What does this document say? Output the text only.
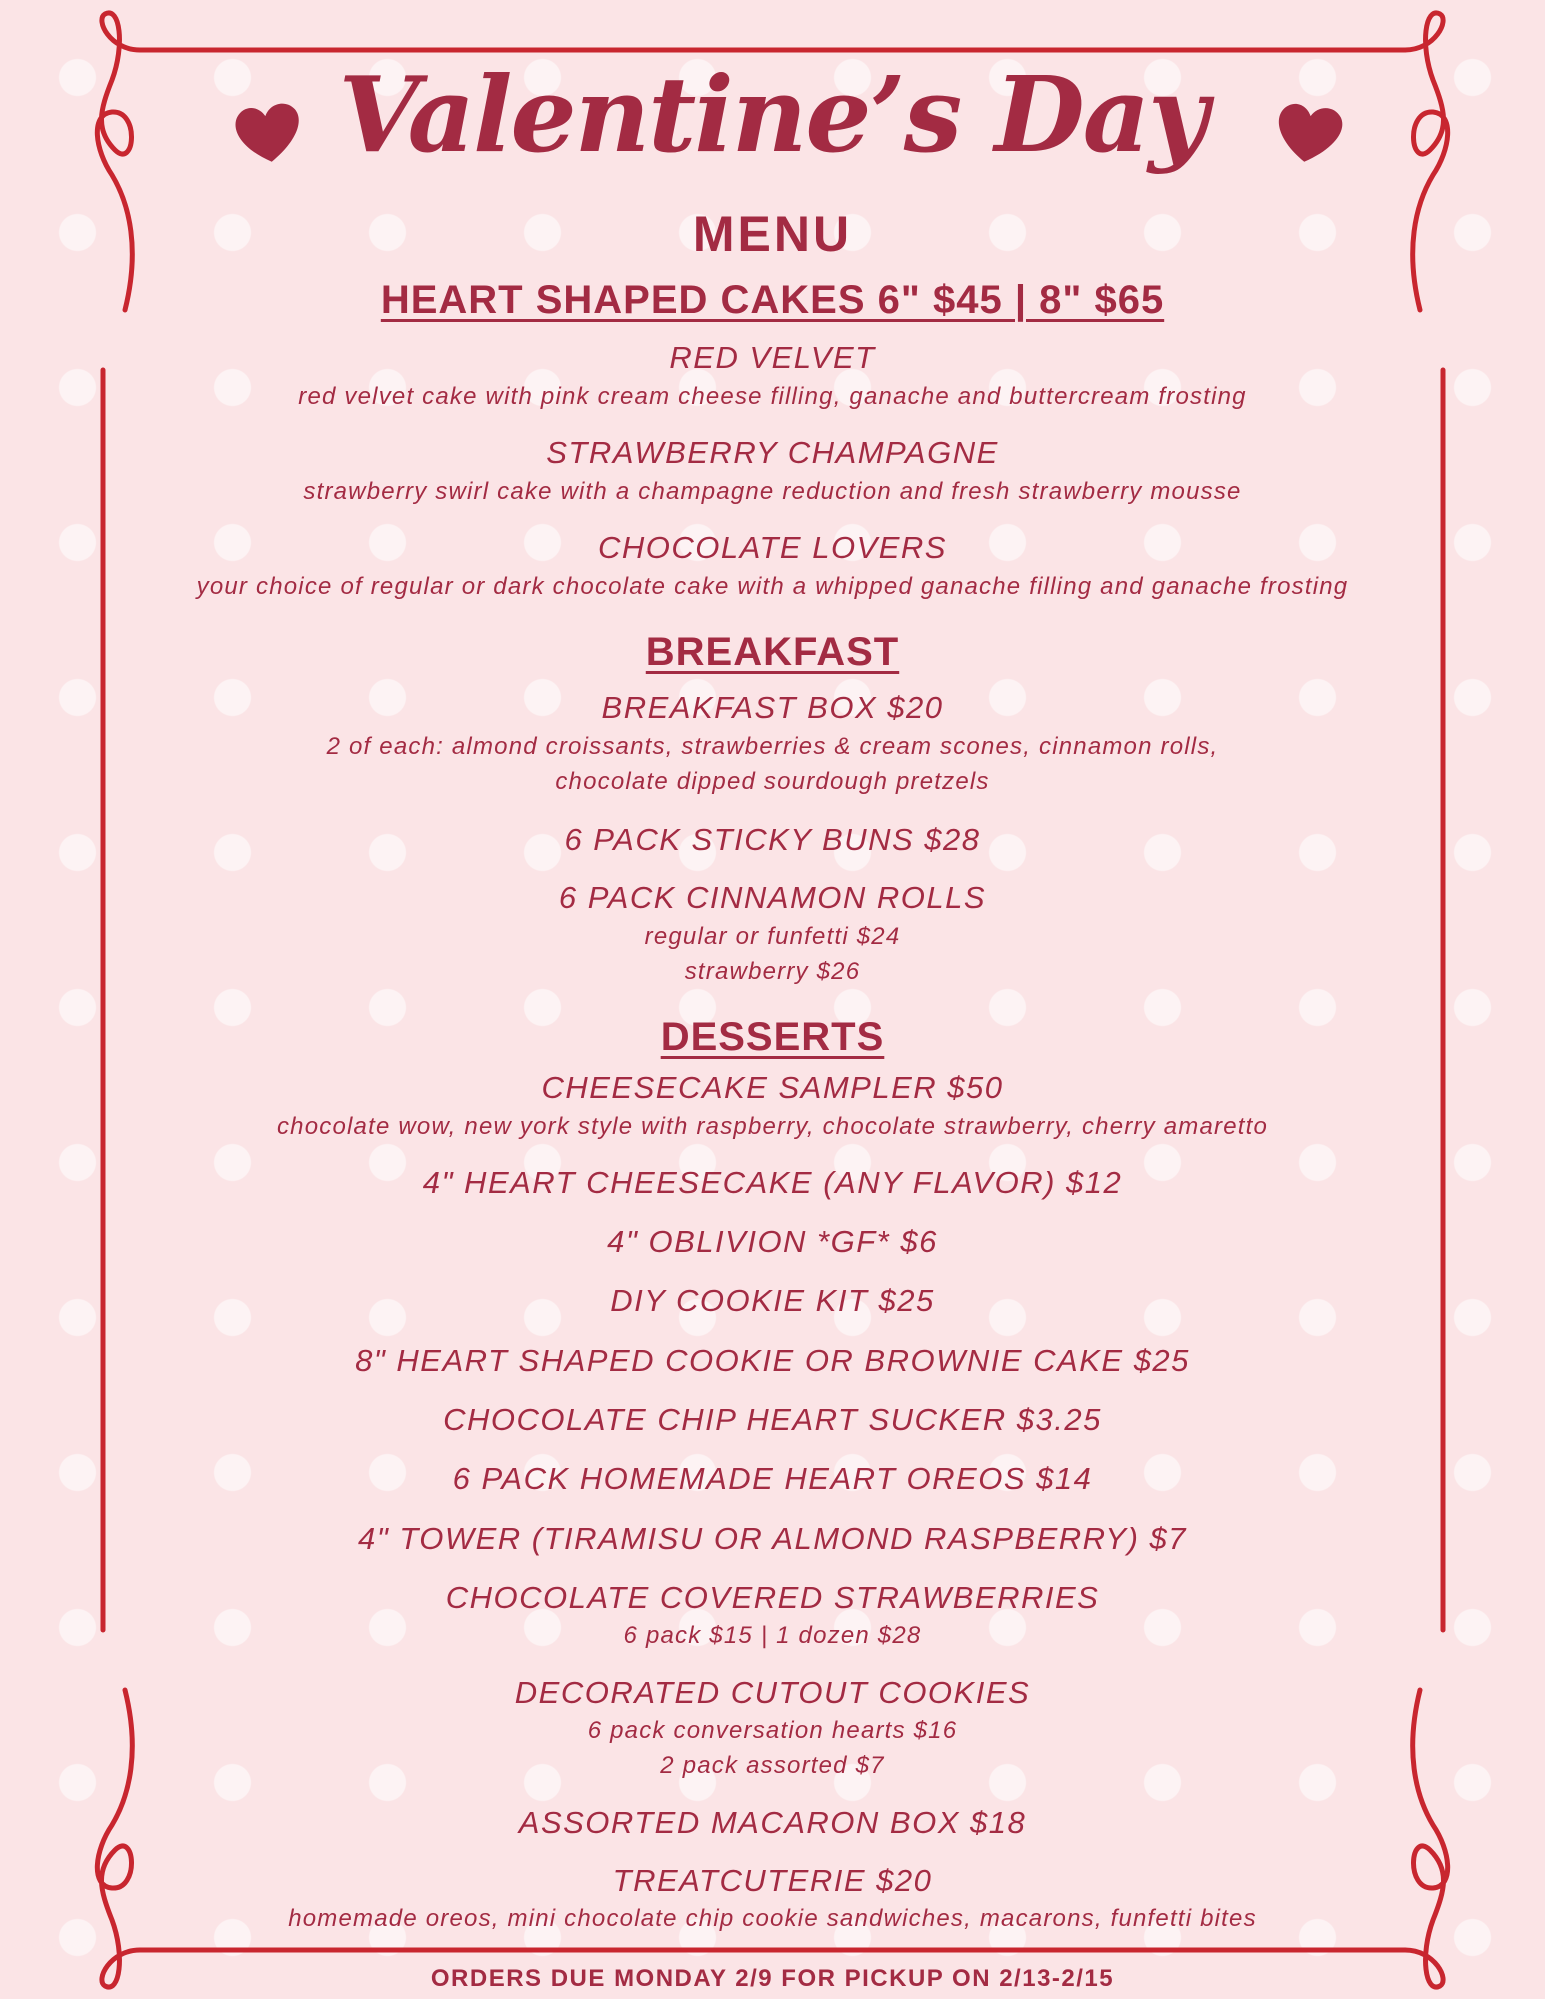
Valentine’s Day
MENU
HEART SHAPED CAKES 6" $45 | 8" $65
RED VELVET
red velvet cake with pink cream cheese filling, ganache and buttercream frosting
STRAWBERRY CHAMPAGNE
strawberry swirl cake with a champagne reduction and fresh strawberry mousse
CHOCOLATE LOVERS
your choice of regular or dark chocolate cake with a whipped ganache filling and ganache frosting
BREAKFAST
BREAKFAST BOX $20
2 of each: almond croissants, strawberries & cream scones, cinnamon rolls,
chocolate dipped sourdough pretzels
6 PACK STICKY BUNS $28
6 PACK CINNAMON ROLLS
regular or funfetti $24
strawberry $26
DESSERTS
CHEESECAKE SAMPLER $50
chocolate wow, new york style with raspberry, chocolate strawberry, cherry amaretto
4" HEART CHEESECAKE (ANY FLAVOR) $12
4" OBLIVION *GF* $6
DIY COOKIE KIT $25
8" HEART SHAPED COOKIE OR BROWNIE CAKE $25
CHOCOLATE CHIP HEART SUCKER $3.25
6 PACK HOMEMADE HEART OREOS $14
4" TOWER (TIRAMISU OR ALMOND RASPBERRY) $7
CHOCOLATE COVERED STRAWBERRIES
6 pack $15 | 1 dozen $28
DECORATED CUTOUT COOKIES
6 pack conversation hearts $16
2 pack assorted $7
ASSORTED MACARON BOX $18
TREATCUTERIE $20
homemade oreos, mini chocolate chip cookie sandwiches, macarons, funfetti bites
ORDERS DUE MONDAY 2/9 FOR PICKUP ON 2/13-2/15
